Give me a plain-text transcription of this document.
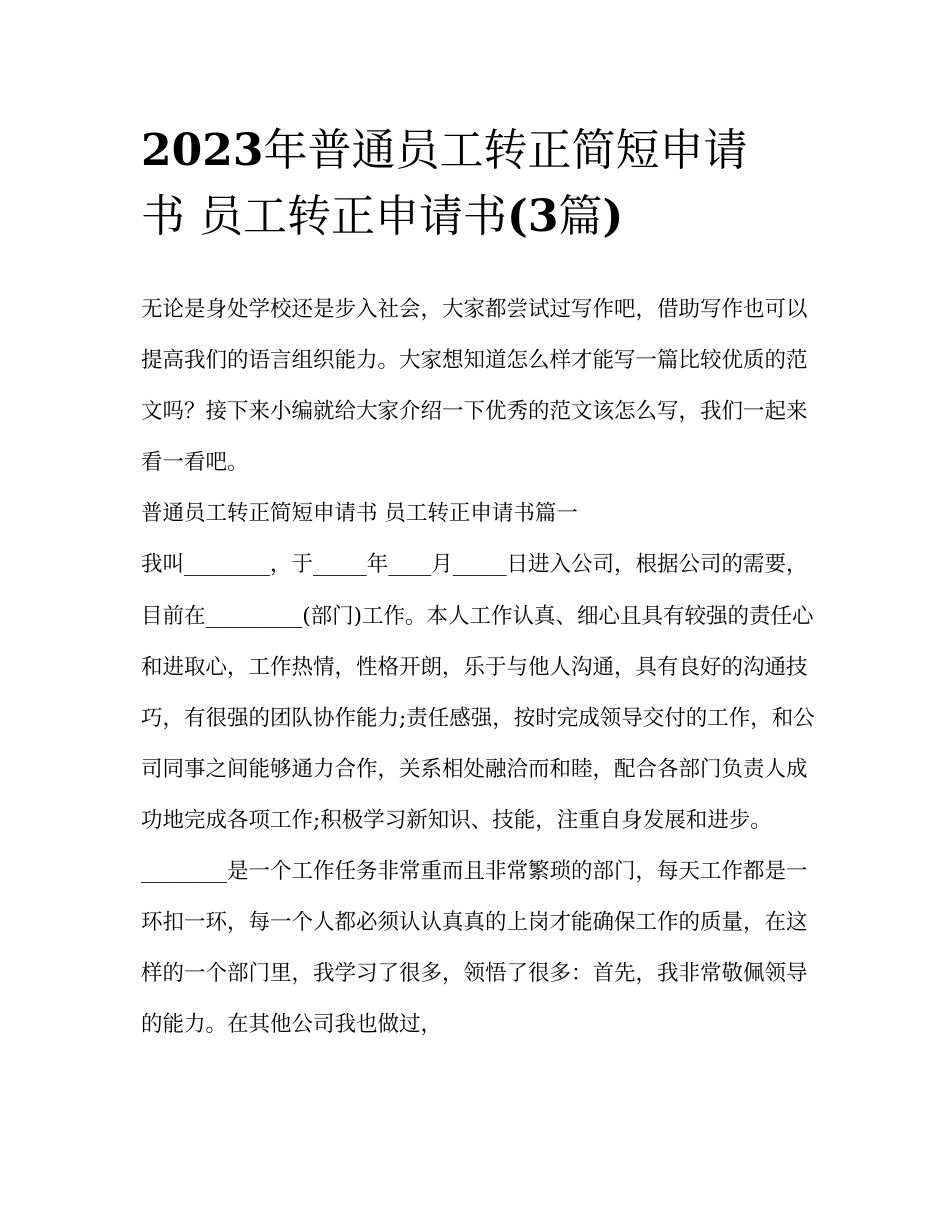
2023年普通员工转正简短申请
书 员工转正申请书(3篇)

无论是身处学校还是步入社会，大家都尝试过写作吧，借助写作也可以提高我们的语言组织能力。大家想知道怎么样才能写一篇比较优质的范文吗？接下来小编就给大家介绍一下优秀的范文该怎么写，我们一起来看一看吧。

普通员工转正简短申请书 员工转正申请书篇一

我叫________，于_____年____月_____日进入公司，根据公司的需要，目前在_________(部门)工作。本人工作认真、细心且具有较强的责任心和进取心，工作热情，性格开朗，乐于与他人沟通，具有良好的沟通技巧，有很强的团队协作能力;责任感强，按时完成领导交付的工作，和公司同事之间能够通力合作，关系相处融洽而和睦，配合各部门负责人成功地完成各项工作;积极学习新知识、技能，注重自身发展和进步。

________是一个工作任务非常重而且非常繁琐的部门，每天工作都是一环扣一环，每一个人都必须认认真真的上岗才能确保工作的质量，在这样的一个部门里，我学习了很多，领悟了很多：首先，我非常敬佩领导的能力。在其他公司我也做过，
